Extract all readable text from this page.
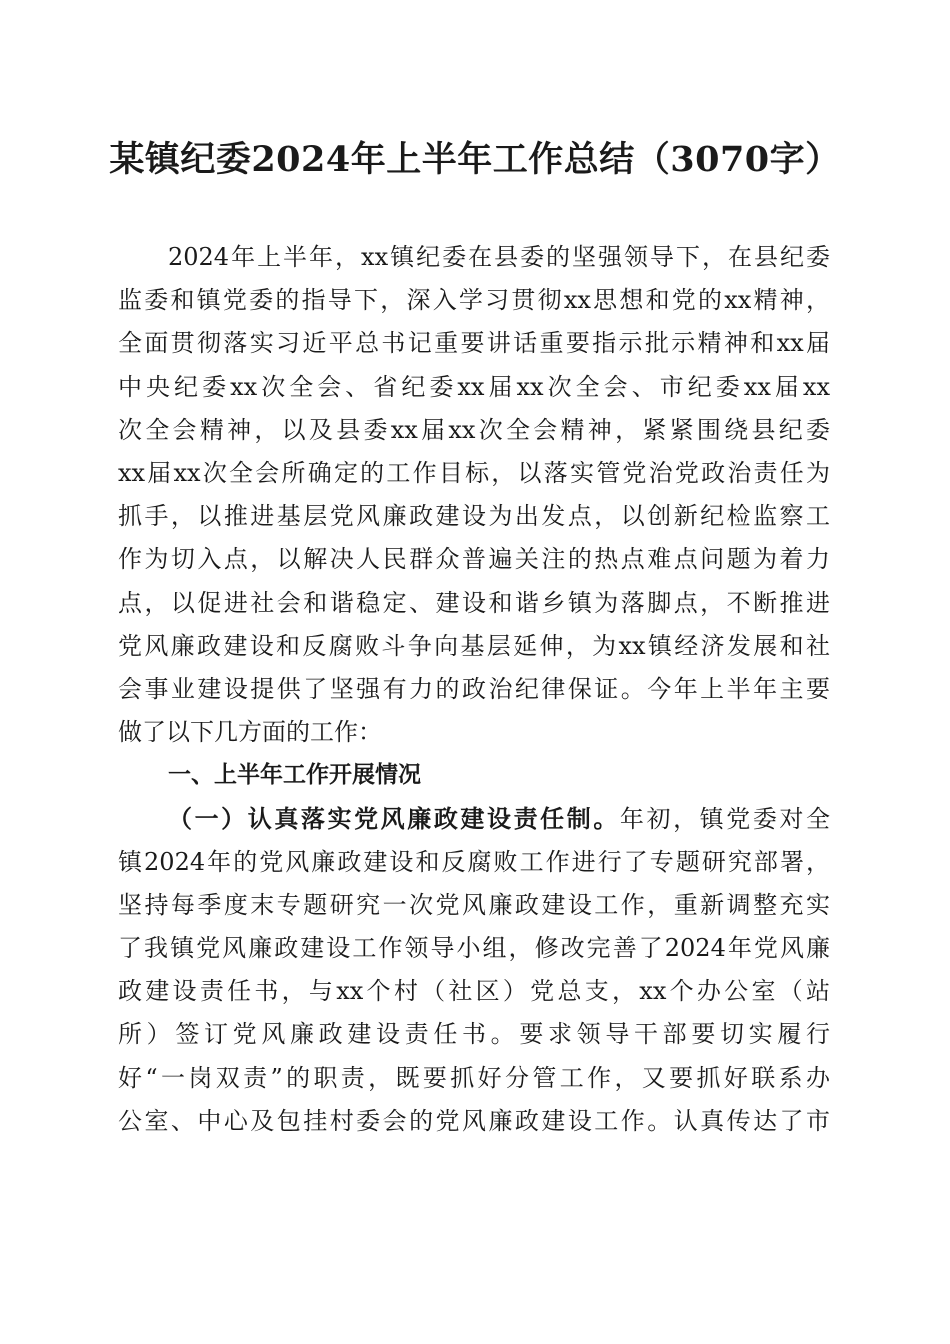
某镇纪委2024年上半年工作总结（3070字）
2024年上半年，xx镇纪委在县委的坚强领导下，在县纪委
监委和镇党委的指导下，深入学习贯彻xx思想和党的xx精神，
全面贯彻落实习近平总书记重要讲话重要指示批示精神和xx届
中央纪委xx次全会、省纪委xx届xx次全会、市纪委xx届xx
次全会精神，以及县委xx届xx次全会精神，紧紧围绕县纪委
xx届xx次全会所确定的工作目标，以落实管党治党政治责任为
抓手，以推进基层党风廉政建设为出发点，以创新纪检监察工
作为切入点，以解决人民群众普遍关注的热点难点问题为着力
点，以促进社会和谐稳定、建设和谐乡镇为落脚点，不断推进
党风廉政建设和反腐败斗争向基层延伸，为xx镇经济发展和社
会事业建设提供了坚强有力的政治纪律保证。今年上半年主要
做了以下几方面的工作：
一、上半年工作开展情况
（一）认真落实党风廉政建设责任制。年初，镇党委对全
镇2024年的党风廉政建设和反腐败工作进行了专题研究部署，
坚持每季度末专题研究一次党风廉政建设工作，重新调整充实
了我镇党风廉政建设工作领导小组，修改完善了2024年党风廉
政建设责任书，与xx个村（社区）党总支，xx个办公室（站
所）签订党风廉政建设责任书。要求领导干部要切实履行
好“一岗双责”的职责，既要抓好分管工作，又要抓好联系办
公室、中心及包挂村委会的党风廉政建设工作。认真传达了市
